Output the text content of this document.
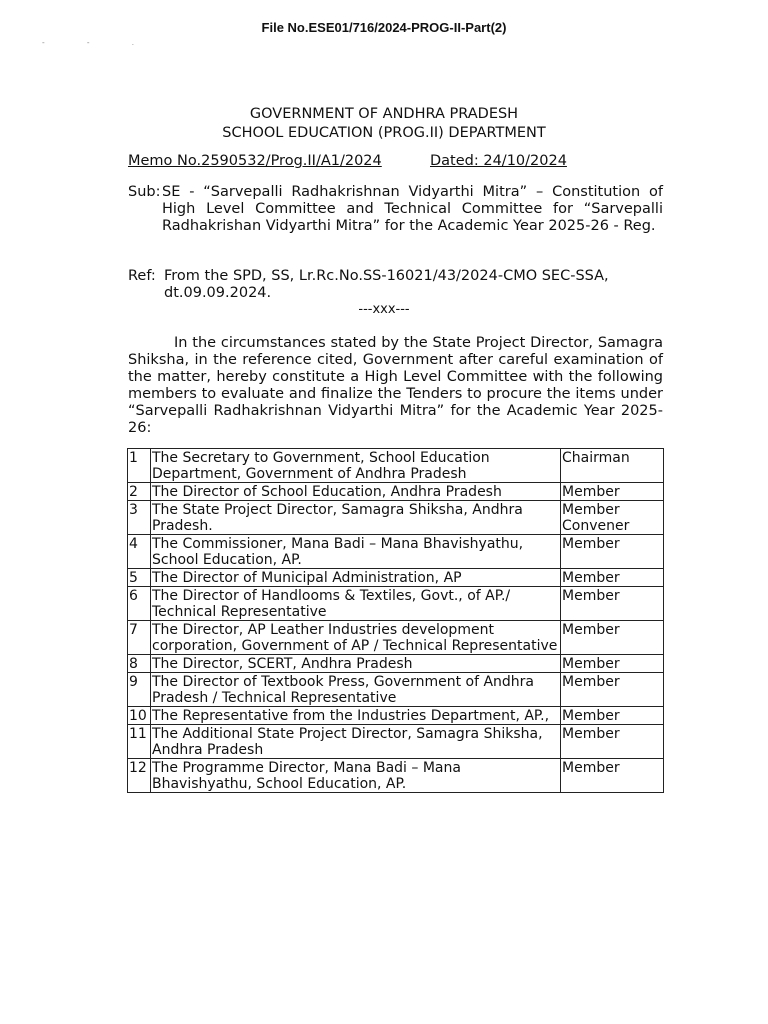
File No.ESE01/716/2024-PROG-II-Part(2)
- - .
GOVERNMENT OF ANDHRA PRADESH
SCHOOL EDUCATION (PROG.II) DEPARTMENT
Memo No.2590532/Prog.II/A1/2024	Dated: 24/10/2024
Sub: SE - “Sarvepalli Radhakrishnan Vidyarthi Mitra” – Constitution of High Level Committee and Technical Committee for “Sarvepalli Radhakrishan Vidyarthi Mitra” for the Academic Year 2025-26 - Reg.
Ref: From the SPD, SS, Lr.Rc.No.SS-16021/43/2024-CMO SEC-SSA, dt.09.09.2024.
---xxx---
In the circumstances stated by the State Project Director, Samagra Shiksha, in the reference cited, Government after careful examination of the matter, hereby constitute a High Level Committee with the following members to evaluate and finalize the Tenders to procure the items under “Sarvepalli Radhakrishnan Vidyarthi Mitra” for the Academic Year 2025-26:
1	The Secretary to Government, School Education Department, Government of Andhra Pradesh	Chairman
2	The Director of School Education, Andhra Pradesh	Member
3	The State Project Director, Samagra Shiksha, Andhra Pradesh.	Member Convener
4	The Commissioner, Mana Badi – Mana Bhavishyathu, School Education, AP.	Member
5	The Director of Municipal Administration, AP	Member
6	The Director of Handlooms & Textiles, Govt., of AP./ Technical Representative	Member
7	The Director, AP Leather Industries development corporation, Government of AP / Technical Representative	Member
8	The Director, SCERT, Andhra Pradesh	Member
9	The Director of Textbook Press, Government of Andhra Pradesh / Technical Representative	Member
10	The Representative from the Industries Department, AP.,	Member
11	The Additional State Project Director, Samagra Shiksha, Andhra Pradesh	Member
12	The Programme Director, Mana Badi – Mana Bhavishyathu, School Education, AP.	Member
